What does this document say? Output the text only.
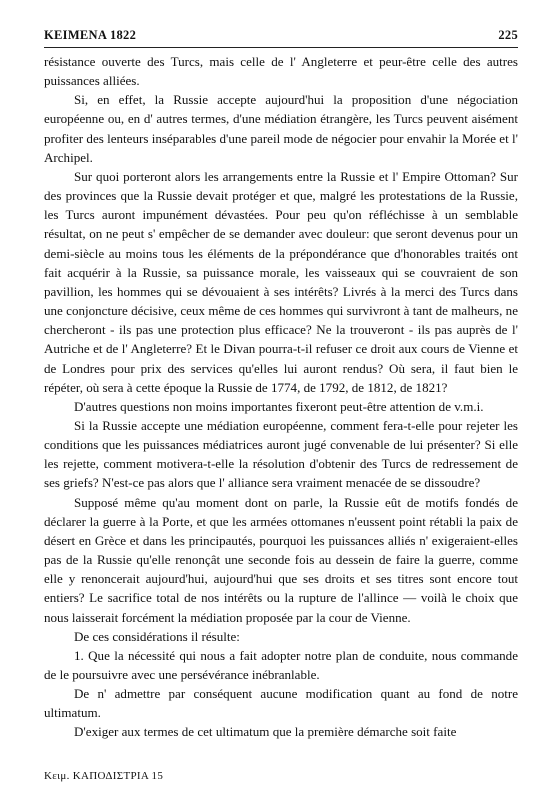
ΚΕΙΜΕΝΑ 1822	225

résistance ouverte des Turcs, mais celle de l' Angleterre et peur-être celle des autres puissances alliées.

Si, en effet, la Russie accepte aujourd'hui la proposition d'une négociation européenne ou, en d' autres termes, d'une médiation étrangère, les Turcs peuvent aisément profiter des lenteurs inséparables d'une pareil mode de négocier pour envahir la Morée et l' Archipel.

Sur quoi porteront alors les arrangements entre la Russie et l' Empire Ottoman? Sur des provinces que la Russie devait protéger et que, malgré les protestations de la Russie, les Turcs auront impunément dévastées. Pour peu qu'on réfléchisse à un semblable résultat, on ne peut s' empêcher de se demander avec douleur: que seront devenus pour un demi-siècle au moins tous les éléments de la prépondérance que d'honorables traités ont fait acquérir à la Russie, sa puissance morale, les vaisseaux qui se couvraient de son pavillion, les hommes qui se dévouaient à ses intérêts? Livrés à la merci des Turcs dans une conjoncture décisive, ceux même de ces hommes qui survivront à tant de malheurs, ne chercheront - ils pas une protection plus efficace? Ne la trouveront - ils pas auprès de l' Autriche et de l' Angleterre? Et le Divan pourra-t-il refuser ce droit aux cours de Vienne et de Londres pour prix des services qu'elles lui auront rendus? Où sera, il faut bien le répéter, où sera à cette époque la Russie de 1774, de 1792, de 1812, de 1821?

D'autres questions non moins importantes fixeront peut-être attention de v.m.i.

Si la Russie accepte une médiation européenne, comment fera-t-elle pour rejeter les conditions que les puissances médiatrices auront jugé convenable de lui présenter? Si elle les rejette, comment motivera-t-elle la résolution d'obtenir des Turcs de redressement de ses griefs? N'est-ce pas alors que l' alliance sera vraiment menacée de se dissoudre?

Supposé même qu'au moment dont on parle, la Russie eût de motifs fondés de déclarer la guerre à la Porte, et que les armées ottomanes n'eussent point rétabli la paix de désert en Grèce et dans les principautés, pourquoi les puissances alliés n' exigeraient-elles pas de la Russie qu'elle renonçât une seconde fois au dessein de faire la guerre, comme elle y renoncerait aujourd'hui, aujourd'hui que ses droits et ses titres sont encore tout entiers? Le sacrifice total de nos intérêts ou la rupture de l'allince — voilà le choix que nous laisserait forcément la médiation proposée par la cour de Vienne.

De ces considérations il résulte:

1. Que la nécessité qui nous a fait adopter notre plan de conduite, nous commande de le poursuivre avec une persévérance inébranlable.

De n' admettre par conséquent aucune modification quant au fond de notre ultimatum.

D'exiger aux termes de cet ultimatum que la première démarche soit faite

Κειμ. ΚΑΠΟΔΙΣΤΡΙΑ 15
